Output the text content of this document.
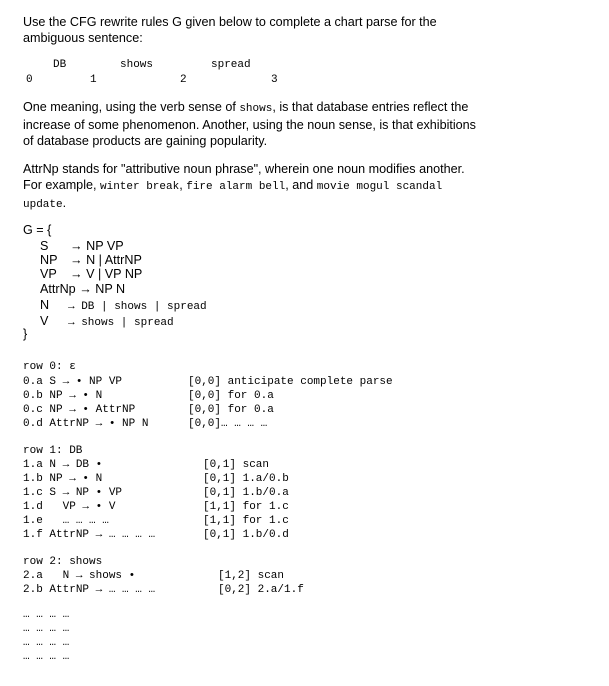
Use the CFG rewrite rules G given below to complete a chart parse for the
ambiguous sentence:
DB	shows	spread
0	1	2	3
One meaning, using the verb sense of shows, is that database entries reflect the
increase of some phenomenon. Another, using the noun sense, is that exhibitions
of database products are gaining popularity.
AttrNp stands for "attributive noun phrase", wherein one noun modifies another.
For example, winter break, fire alarm bell, and movie mogul scandal
update.
G = {
S → NP VP
NP → N | AttrNP
VP → V | VP NP
AttrNp → NP N
N → DB | shows | spread
V → shows | spread
}
row 0: ε
0.a S → • NP VP	[0,0] anticipate complete parse
0.b NP → • N	[0,0] for 0.a
0.c NP → • AttrNP	[0,0] for 0.a
0.d AttrNP → • NP N	[0,0]… … … …
row 1: DB
1.a N → DB •	[0,1] scan
1.b NP → • N	[0,1] 1.a/0.b
1.c S → NP • VP	[0,1] 1.b/0.a
1.d   VP → • V	[1,1] for 1.c
1.e   … … … …	[1,1] for 1.c
1.f AttrNP → … … … …	[0,1] 1.b/0.d
row 2: shows
2.a   N → shows •	[1,2] scan
2.b AttrNP → … … … …	[0,2] 2.a/1.f
… … … …
… … … …
… … … …
… … … …
